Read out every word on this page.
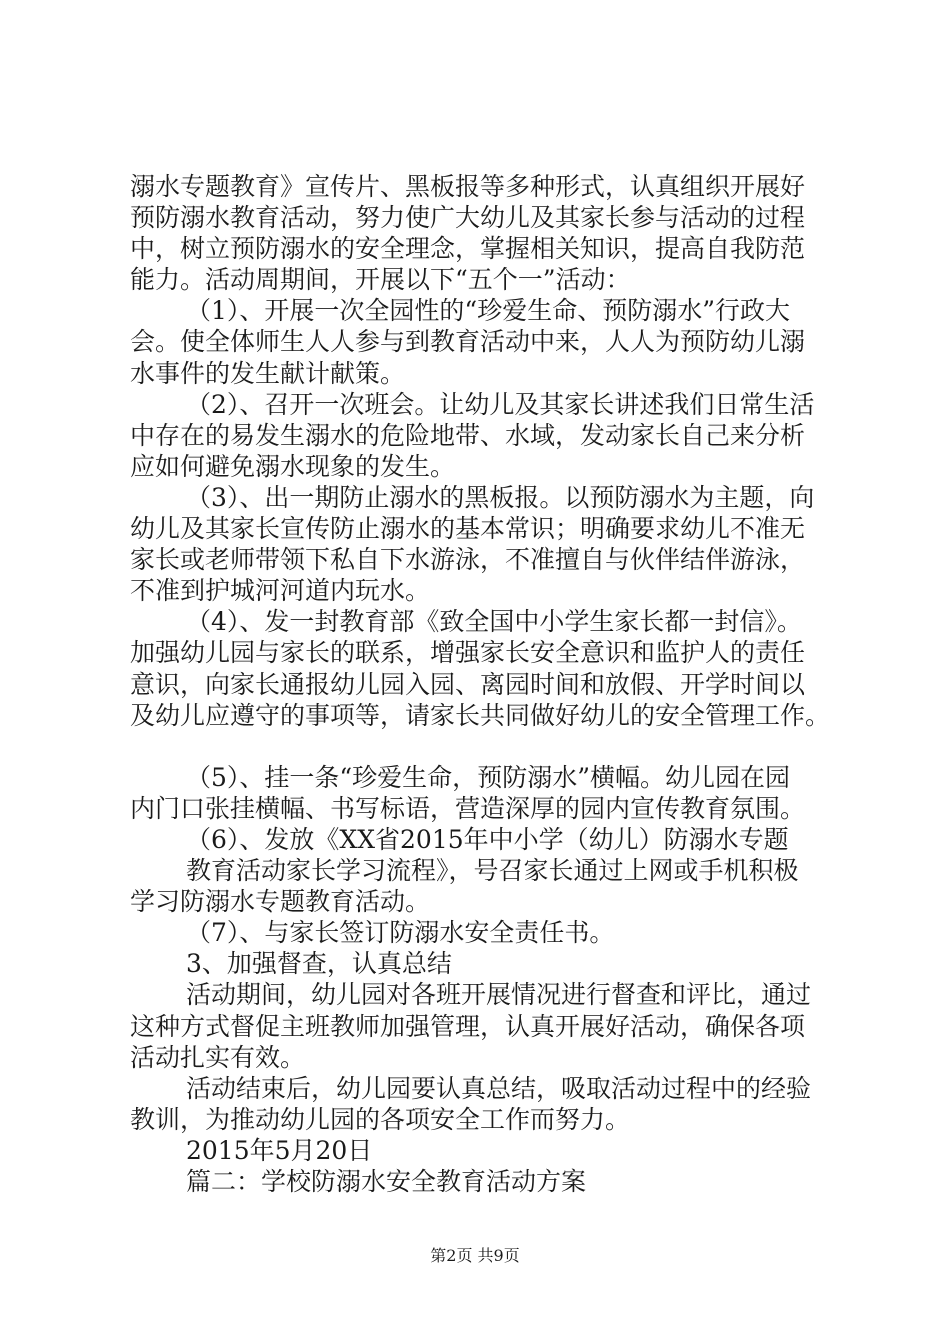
溺水专题教育》宣传片、黑板报等多种形式，认真组织开展好
预防溺水教育活动，努力使广大幼儿及其家长参与活动的过程
中，树立预防溺水的安全理念，掌握相关知识，提高自我防范
能力。活动周期间，开展以下“五个一”活动：
（1）、开展一次全园性的“珍爱生命、预防溺水”行政大
会。使全体师生人人参与到教育活动中来，人人为预防幼儿溺
水事件的发生献计献策。
（2）、召开一次班会。让幼儿及其家长讲述我们日常生活
中存在的易发生溺水的危险地带、水域，发动家长自己来分析
应如何避免溺水现象的发生。
（3）、出一期防止溺水的黑板报。以预防溺水为主题，向
幼儿及其家长宣传防止溺水的基本常识；明确要求幼儿不准无
家长或老师带领下私自下水游泳，不准擅自与伙伴结伴游泳，
不准到护城河河道内玩水。
（4）、发一封教育部《致全国中小学生家长都一封信》。
加强幼儿园与家长的联系，增强家长安全意识和监护人的责任
意识，向家长通报幼儿园入园、离园时间和放假、开学时间以
及幼儿应遵守的事项等，请家长共同做好幼儿的安全管理工作。
（5）、挂一条“珍爱生命，预防溺水”横幅。幼儿园在园
内门口张挂横幅、书写标语，营造深厚的园内宣传教育氛围。
（6）、发放《XX省2015年中小学（幼儿）防溺水专题
教育活动家长学习流程》，号召家长通过上网或手机积极
学习防溺水专题教育活动。
（7）、与家长签订防溺水安全责任书。
3、加强督查，认真总结
活动期间，幼儿园对各班开展情况进行督查和评比，通过
这种方式督促主班教师加强管理，认真开展好活动，确保各项
活动扎实有效。
活动结束后，幼儿园要认真总结，吸取活动过程中的经验
教训，为推动幼儿园的各项安全工作而努力。
2015年5月20日
篇二：学校防溺水安全教育活动方案
第2页 共9页
